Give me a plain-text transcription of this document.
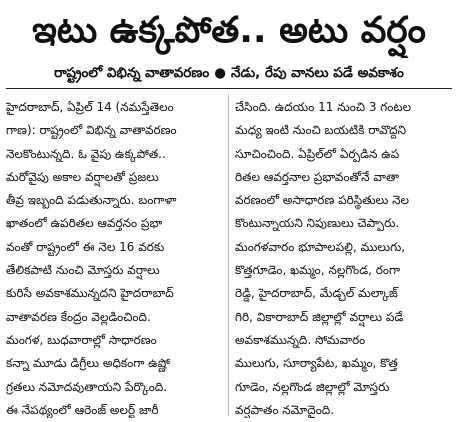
ఇటు ఉక్కపోత.. అటు వర్షం
రాష్ట్రంలో విభిన్న వాతావరణం ● నేడు, రేపు వానలు పడే అవకాశం
హైదరాబాద్, ఏప్రిల్ 14 (నమస్తేతెలం
గాణ): రాష్ట్రంలో విభిన్న వాతావరణం
నెలకొంటున్నది. ఓ వైపు ఉక్కపోత..
మరోవైపు అకాల వర్షాలతో ప్రజలు
తీవ్ర ఇబ్బంది పడుతున్నారు. బంగాళా
ఖాతంలో ఉపరితల ఆవర్తనం ప్రభా
వంతో రాష్ట్రంలో ఈ నెల 16 వరకు
తేలికపాటి నుంచి మోస్తరు వర్షాలు
కురిసే అవకాశమున్నదని హైదరాబాద్
వాతావరణ కేంద్రం వెల్లడించింది.
మంగళ, బుధవారాల్లో సాధారణం
కన్నా మూడు డిగ్రీలు అధికంగా ఉష్ణో
గ్రతలు నమోదవుతాయని పేర్కొంది.
ఈ నేపథ్యంలో ఆరెంజ్ అలర్ట్ జారీ
చేసింది. ఉదయం 11 నుంచి 3 గంటల
మధ్య ఇంటి నుంచి బయటికి రావొద్దని
సూచించింది. ఏప్రిల్‌లో ఏర్పడిన ఉప
రితల ఆవర్తనాల ప్రభావంతోనే వాతా
వరణంలో అసాధారణ పరిస్థితులు నెల
కొంటున్నాయని నిపుణులు చెప్పారు.
మంగళవారం భూపాలపల్లి, ములుగు,
కొత్తగూడెం, ఖమ్మం, నల్లగొండ, రంగా
రెడ్డి, హైదరాబాద్, మేడ్చల్ మల్కాజ్
గిరి, వికారాబాద్ జిల్లాల్లో వర్షాలు పడే
అవకాశమున్నది. సోమవారం
ములుగు, సూర్యాపేట, ఖమ్మం, కొత్త
గూడెం, నల్లగొండ జిల్లాల్లో మోస్తరు
వర్షపాతం నమోదైంది.
